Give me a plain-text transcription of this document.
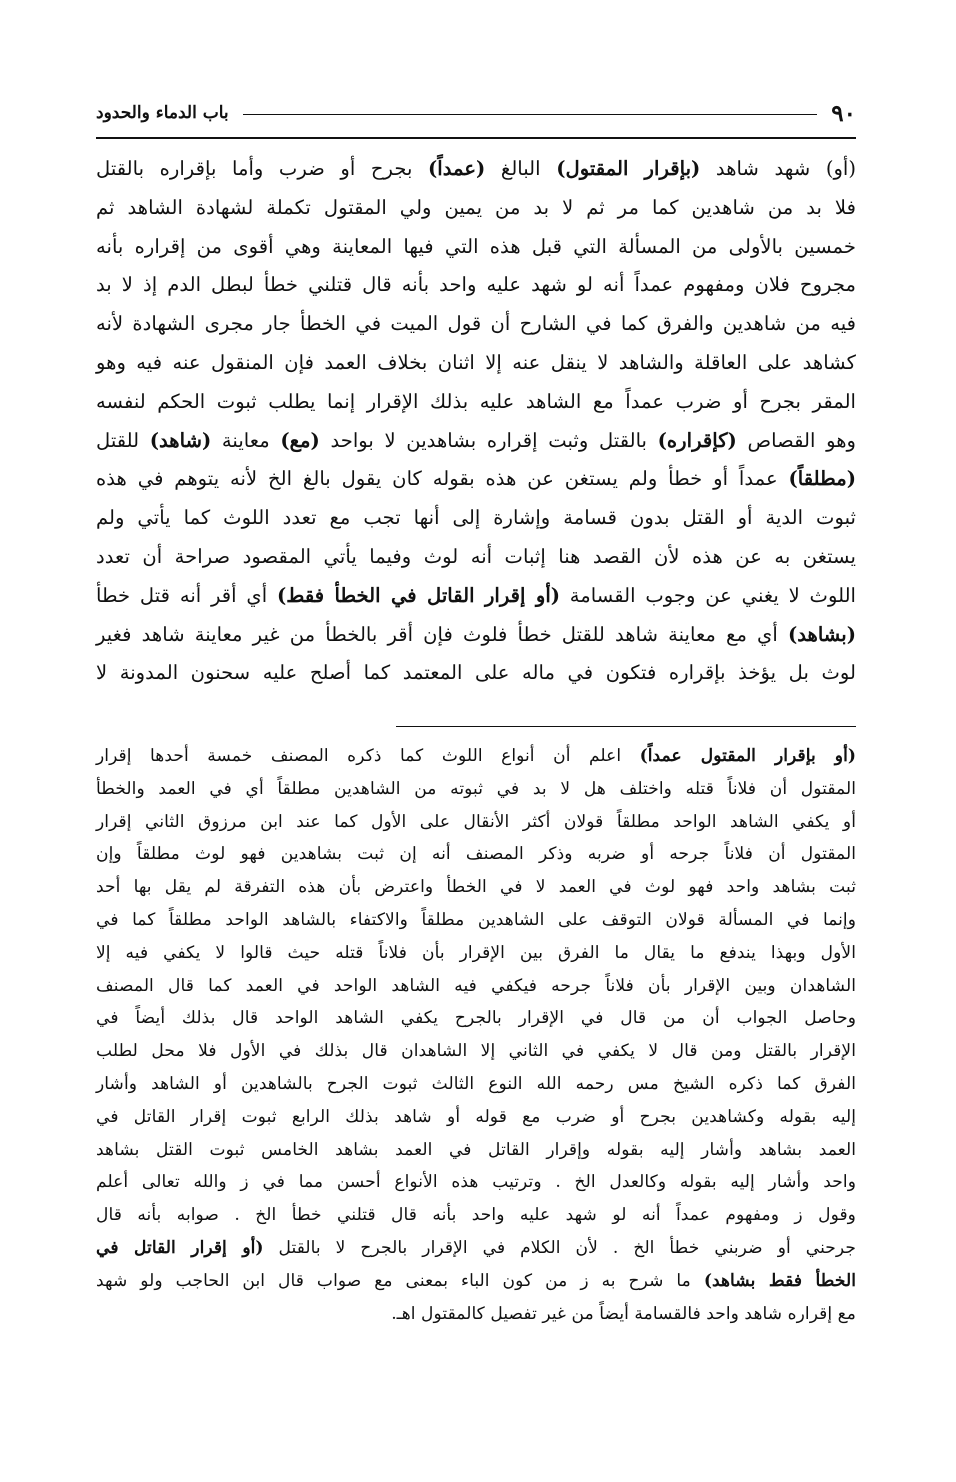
٩٠
باب الدماء والحدود
(أو) شهد شاهد (بإقرار المقتول) البالغ (عمداً) بجرح أو ضرب وأما بإقراره بالقتل
فلا بد من شاهدين كما مر ثم لا بد من يمين ولي المقتول تكملة لشهادة الشاهد ثم
خمسين بالأولى من المسألة التي قبل هذه التي فيها المعاينة وهي أقوى من إقراره بأنه
مجروح فلان ومفهوم عمداً أنه لو شهد عليه واحد بأنه قال قتلني خطأ لبطل الدم إذ لا بد
فيه من شاهدين والفرق كما في الشارح أن قول الميت في الخطأ جار مجرى الشهادة لأنه
كشاهد على العاقلة والشاهد لا ينقل عنه إلا اثنان بخلاف العمد فإن المنقول عنه فيه وهو
المقر بجرح أو ضرب عمداً مع الشاهد عليه بذلك الإقرار إنما يطلب ثبوت الحكم لنفسه
وهو القصاص (كإقراره) بالقتل وثبت إقراره بشاهدين لا بواحد (مع) معاينة (شاهد) للقتل
(مطلقاً) عمداً أو خطأ ولم يستغن عن هذه بقوله كان يقول بالغ الخ لأنه يتوهم في هذه
ثبوت الدية أو القتل بدون قسامة وإشارة إلى أنها تجب مع تعدد اللوث كما يأتي ولم
يستغن به عن هذه لأن القصد هنا إثبات أنه لوث وفيما يأتي المقصود صراحة أن تعدد
اللوث لا يغني عن وجوب القسامة (أو إقرار القاتل في الخطأ فقط) أي أقر أنه قتل خطأ
(بشاهد) أي مع معاينة شاهد للقتل خطأ فلوث فإن أقر بالخطأ من غير معاينة شاهد فغير
لوث بل يؤخذ بإقراره فتكون في ماله على المعتمد كما أصلح عليه سحنون المدونة لا
(أو بإقرار المقتول عمداً) اعلم أن أنواع اللوث كما ذكره المصنف خمسة أحدها إقرار
المقتول أن فلاناً قتله واختلف هل لا بد في ثبوته من الشاهدين مطلقاً أي في العمد والخطأ
أو يكفي الشاهد الواحد مطلقاً قولان أكثر الأنقال على الأول كما عند ابن مرزوق الثاني إقرار
المقتول أن فلاناً جرحه أو ضربه وذكر المصنف أنه إن ثبت بشاهدين فهو لوث مطلقاً وإن
ثبت بشاهد واحد فهو لوث في العمد لا في الخطأ واعترض بأن هذه التفرقة لم يقل بها أحد
وإنما في المسألة قولان التوقف على الشاهدين مطلقاً والاكتفاء بالشاهد الواحد مطلقاً كما في
الأول وبهذا يندفع ما يقال ما الفرق بين الإقرار بأن فلاناً قتله حيث قالوا لا يكفي فيه إلا
الشاهدان وبين الإقرار بأن فلاناً جرحه فيكفي فيه الشاهد الواحد في العمد كما قال المصنف
وحاصل الجواب أن من قال في الإقرار بالجرح يكفي الشاهد الواحد قال بذلك أيضاً في
الإقرار بالقتل ومن قال لا يكفي في الثاني إلا الشاهدان قال بذلك في الأول فلا محل لطلب
الفرق كما ذكره الشيخ مس رحمه الله النوع الثالث ثبوت الجرح بالشاهدين أو الشاهد وأشار
إليه بقوله وكشاهدين بجرح أو ضرب مع قوله أو شاهد بذلك الرابع ثبوت إقرار القاتل في
العمد بشاهد وأشار إليه بقوله وإقرار القاتل في العمد بشاهد الخامس ثبوت القتل بشاهد
واحد وأشار إليه بقوله وكالعدل الخ . وترتيب هذه الأنواع أحسن مما في ز والله تعالى أعلم
وقول ز ومفهوم عمداً أنه لو شهد عليه واحد بأنه قال قتلني خطأ الخ . صوابه بأنه قال
جرحني أو ضربني خطأ الخ . لأن الكلام في الإقرار بالجرح لا بالقتل (أو إقرار القاتل في
الخطأ فقط بشاهد) ما شرح به ز من كون الباء بمعنى مع صواب قال ابن الحاجب ولو شهد
مع إقراره شاهد واحد فالقسامة أيضاً من غير تفصيل كالمقتول اهـ.
